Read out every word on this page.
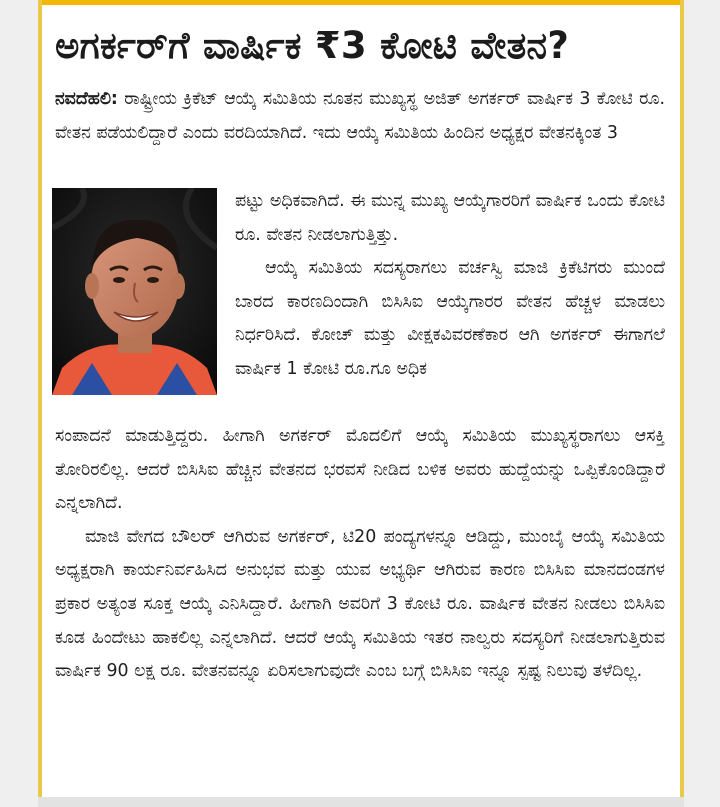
ಅಗರ್ಕರ್‌ಗೆ ವಾರ್ಷಿಕ ₹3 ಕೋಟಿ ವೇತನ?

ನವದೆಹಲಿ: ರಾಷ್ಟ್ರೀಯ ಕ್ರಿಕೆಟ್ ಆಯ್ಕೆ ಸಮಿತಿಯ ನೂತನ ಮುಖ್ಯಸ್ಥ ಅಜಿತ್ ಅಗರ್ಕರ್ ವಾರ್ಷಿಕ 3 ಕೋಟಿ ರೂ. ವೇತನ ಪಡೆಯಲಿದ್ದಾರೆ ಎಂದು ವರದಿಯಾಗಿದೆ. ಇದು ಆಯ್ಕೆ ಸಮಿತಿಯ ಹಿಂದಿನ ಅಧ್ಯಕ್ಷರ ವೇತನಕ್ಕಿಂತ 3

ಪಟ್ಟು ಅಧಿಕವಾಗಿದೆ. ಈ ಮುನ್ನ ಮುಖ್ಯ ಆಯ್ಕೆಗಾರರಿಗೆ ವಾರ್ಷಿಕ ಒಂದು ಕೋಟಿ ರೂ. ವೇತನ ನೀಡಲಾಗುತ್ತಿತ್ತು.

ಆಯ್ಕೆ ಸಮಿತಿಯ ಸದಸ್ಯರಾಗಲು ವರ್ಚಸ್ವಿ ಮಾಜಿ ಕ್ರಿಕೆಟಿಗರು ಮುಂದೆ ಬಾರದ ಕಾರಣದಿಂದಾಗಿ ಬಿಸಿಸಿಐ ಆಯ್ಕೆಗಾರರ ವೇತನ ಹೆಚ್ಚಳ ಮಾಡಲು ನಿರ್ಧರಿಸಿದೆ. ಕೋಚ್ ಮತ್ತು ವೀಕ್ಷಕವಿವರಣೆಕಾರ ಆಗಿ ಅಗರ್ಕರ್ ಈಗಾಗಲೆ ವಾರ್ಷಿಕ 1 ಕೋಟಿ ರೂ.ಗೂ ಅಧಿಕ

ಸಂಪಾದನೆ ಮಾಡುತ್ತಿದ್ದರು. ಹೀಗಾಗಿ ಅಗರ್ಕರ್ ಮೊದಲಿಗೆ ಆಯ್ಕೆ ಸಮಿತಿಯ ಮುಖ್ಯಸ್ಥರಾಗಲು ಆಸಕ್ತಿ ತೋರಿರಲಿಲ್ಲ. ಆದರೆ ಬಿಸಿಸಿಐ ಹೆಚ್ಚಿನ ವೇತನದ ಭರವಸೆ ನೀಡಿದ ಬಳಿಕ ಅವರು ಹುದ್ದೆಯನ್ನು ಒಪ್ಪಿಕೊಂಡಿದ್ದಾರೆ ಎನ್ನಲಾಗಿದೆ.

ಮಾಜಿ ವೇಗದ ಬೌಲರ್ ಆಗಿರುವ ಅಗರ್ಕರ್, ಟಿ20 ಪಂದ್ಯಗಳನ್ನೂ ಆಡಿದ್ದು, ಮುಂಬೈ ಆಯ್ಕೆ ಸಮಿತಿಯ ಅಧ್ಯಕ್ಷರಾಗಿ ಕಾರ್ಯನಿರ್ವಹಿಸಿದ ಅನುಭವ ಮತ್ತು ಯುವ ಅಭ್ಯರ್ಥಿ ಆಗಿರುವ ಕಾರಣ ಬಿಸಿಸಿಐ ಮಾನದಂಡಗಳ ಪ್ರಕಾರ ಅತ್ಯಂತ ಸೂಕ್ತ ಆಯ್ಕೆ ಎನಿಸಿದ್ದಾರೆ. ಹೀಗಾಗಿ ಅವರಿಗೆ 3 ಕೋಟಿ ರೂ. ವಾರ್ಷಿಕ ವೇತನ ನೀಡಲು ಬಿಸಿಸಿಐ ಕೂಡ ಹಿಂದೇಟು ಹಾಕಲಿಲ್ಲ ಎನ್ನಲಾಗಿದೆ. ಆದರೆ ಆಯ್ಕೆ ಸಮಿತಿಯ ಇತರ ನಾಲ್ವರು ಸದಸ್ಯರಿಗೆ ನೀಡಲಾಗುತ್ತಿರುವ ವಾರ್ಷಿಕ 90 ಲಕ್ಷ ರೂ. ವೇತನವನ್ನೂ ಏರಿಸಲಾಗುವುದೇ ಎಂಬ ಬಗ್ಗೆ ಬಿಸಿಸಿಐ ಇನ್ನೂ ಸ್ಪಷ್ಟ ನಿಲುವು ತಳೆದಿಲ್ಲ.
